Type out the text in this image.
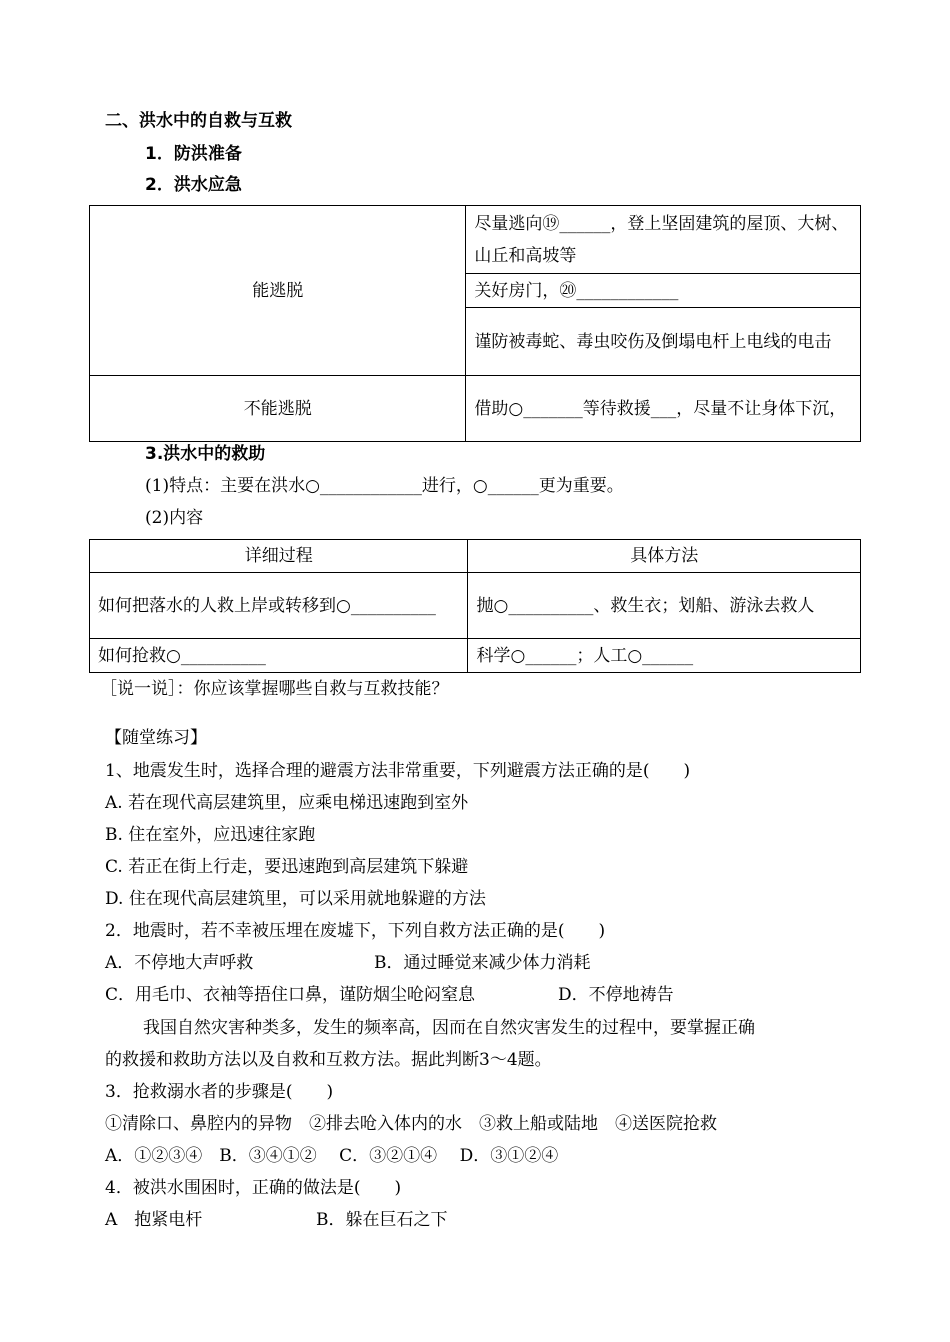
二、洪水中的自救与互救
1．防洪准备
2．洪水应急
能逃脱	尽量逃向⑲______，登上坚固建筑的屋顶、大树、山丘和高坡等
	关好房门，⑳____________
	谨防被毒蛇、毒虫咬伤及倒塌电杆上电线的电击
不能逃脱	借助○_______等待救援___，尽量不让身体下沉，
3.洪水中的救助
(1)特点：主要在洪水○____________进行，○______更为重要。
(2)内容
详细过程	具体方法
如何把落水的人救上岸或转移到○__________	抛○__________、救生衣；划船、游泳去救人
如何抢救○__________	科学○______；人工○______
［说一说］：你应该掌握哪些自救与互救技能？
【随堂练习】
1、地震发生时，选择合理的避震方法非常重要，下列避震方法正确的是(　　)
A. 若在现代高层建筑里，应乘电梯迅速跑到室外
B. 住在室外，应迅速往家跑
C. 若正在街上行走，要迅速跑到高层建筑下躲避
D. 住在现代高层建筑里，可以采用就地躲避的方法
2．地震时，若不幸被压埋在废墟下，下列自救方法正确的是(　　)
A．不停地大声呼救	B．通过睡觉来减少体力消耗
C．用毛巾、衣袖等捂住口鼻，谨防烟尘呛闷窒息	D．不停地祷告
我国自然灾害种类多，发生的频率高，因而在自然灾害发生的过程中，要掌握正确
的救援和救助方法以及自救和互救方法。据此判断3～4题。
3．抢救溺水者的步骤是(　　)
①清除口、鼻腔内的异物　②排去呛入体内的水　③救上船或陆地　④送医院抢救
A．①②③④　B．③④①②　 C．③②①④　 D．③①②④
4．被洪水围困时，正确的做法是(　　)
A　抱紧电杆	B．躲在巨石之下
